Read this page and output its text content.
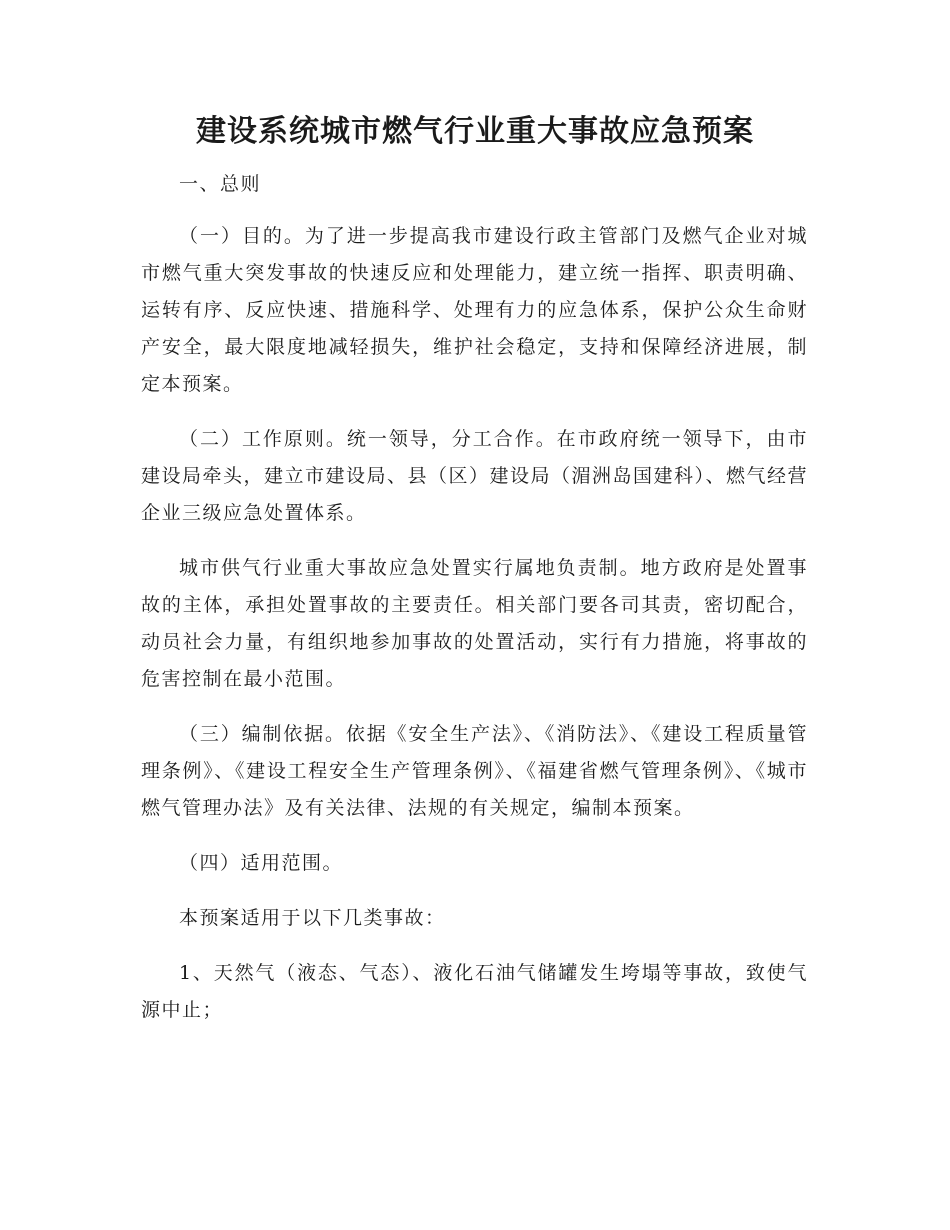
建设系统城市燃气行业重大事故应急预案

一、总则

（一）目的。为了进一步提高我市建设行政主管部门及燃气企业对城市燃气重大突发事故的快速反应和处理能力，建立统一指挥、职责明确、运转有序、反应快速、措施科学、处理有力的应急体系，保护公众生命财产安全，最大限度地减轻损失，维护社会稳定，支持和保障经济进展，制定本预案。

（二）工作原则。统一领导，分工合作。在市政府统一领导下，由市建设局牵头，建立市建设局、县（区）建设局（湄洲岛国建科）、燃气经营企业三级应急处置体系。

城市供气行业重大事故应急处置实行属地负责制。地方政府是处置事故的主体，承担处置事故的主要责任。相关部门要各司其责，密切配合，动员社会力量，有组织地参加事故的处置活动，实行有力措施，将事故的危害控制在最小范围。

（三）编制依据。依据《安全生产法》、《消防法》、《建设工程质量管理条例》、《建设工程安全生产管理条例》、《福建省燃气管理条例》、《城市燃气管理办法》及有关法律、法规的有关规定，编制本预案。

（四）适用范围。

本预案适用于以下几类事故：

1、天然气（液态、气态）、液化石油气储罐发生垮塌等事故，致使气源中止；
